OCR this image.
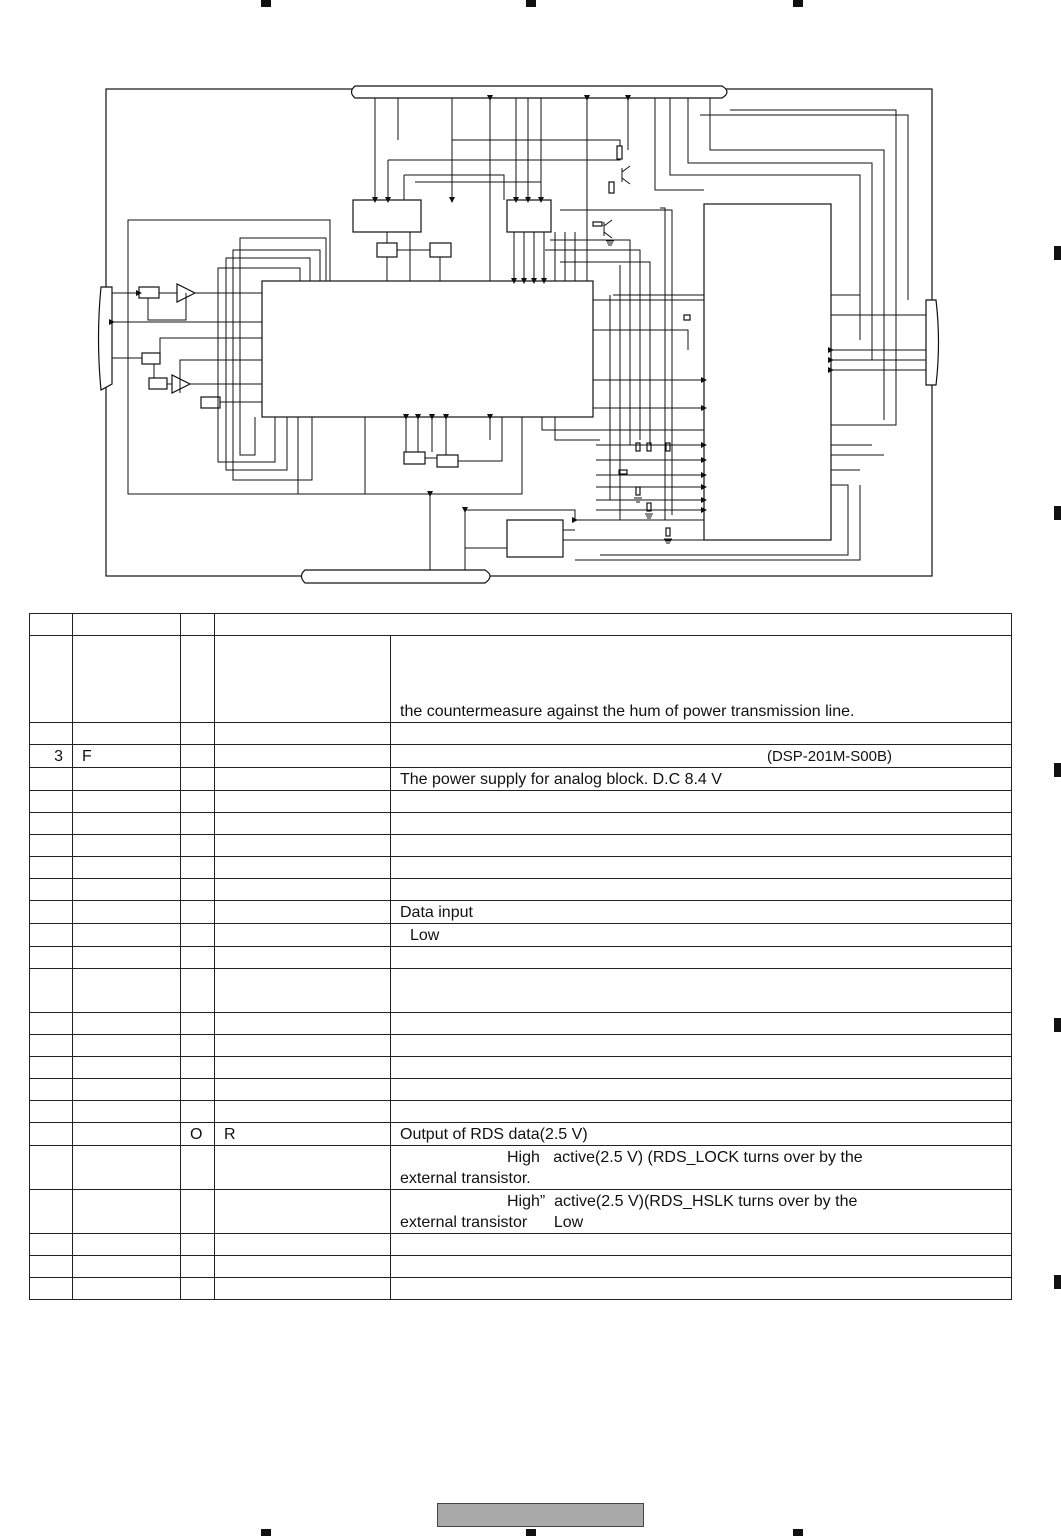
				the countermeasure against the hum of power transmission line.

3	F			(DSP-201M-S00B)

				The power supply for analog block. D.C 8.4 V

				Data input
				Low

		O	R	Output of RDS data(2.5 V)
				High active(2.5 V) (RDS_LOCK turns over by the
external transistor.
				High” active(2.5 V)(RDS_HSLK turns over by the
external transistor Low
